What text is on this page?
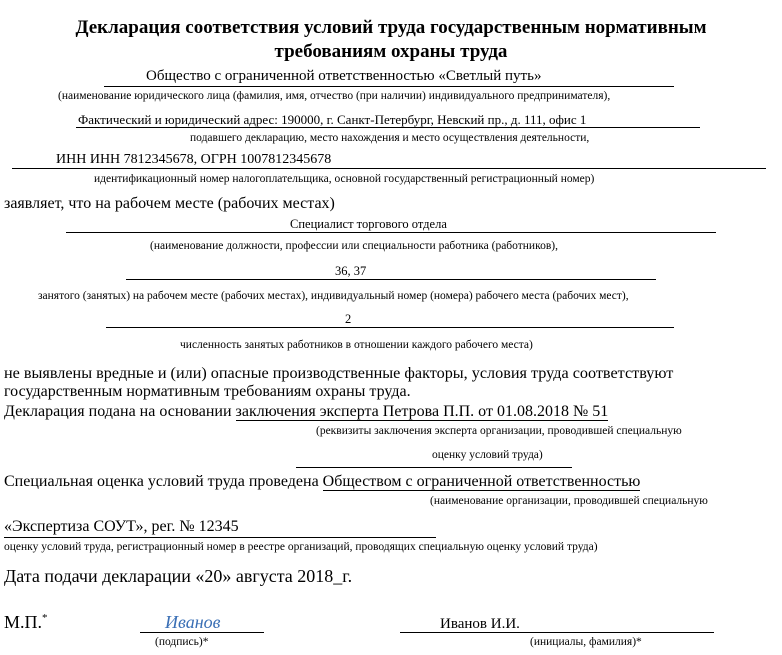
Декларация соответствия условий труда государственным нормативным
требованиям охраны труда
Общество с ограниченной ответственностью «Светлый путь»
(наименование юридического лица (фамилия, имя, отчество (при наличии) индивидуального предпринимателя),
Фактический и юридический адрес: 190000, г. Санкт-Петербург, Невский пр., д. 111, офис 1
подавшего декларацию, место нахождения и место осуществления деятельности,
ИНН ИНН 7812345678, ОГРН 1007812345678
идентификационный номер налогоплательщика, основной государственный регистрационный номер)
заявляет, что на рабочем месте (рабочих местах)
Специалист торгового отдела
(наименование должности, профессии или специальности работника (работников),
36, 37
занятого (занятых) на рабочем месте (рабочих местах), индивидуальный номер (номера) рабочего места (рабочих мест),
2
численность занятых работников в отношении каждого рабочего места)
не выявлены вредные и (или) опасные производственные факторы, условия труда соответствуют
государственным нормативным требованиям охраны труда.
Декларация подана на основании заключения эксперта Петрова П.П. от 01.08.2018 № 51
(реквизиты заключения эксперта организации, проводившей специальную
оценку условий труда)
Специальная оценка условий труда проведена Обществом с ограниченной ответственностью
(наименование организации, проводившей специальную
«Экспертиза СОУТ», рег. № 12345
оценку условий труда, регистрационный номер в реестре организаций, проводящих специальную оценку условий труда)
Дата подачи декларации «20» августа 2018_г.
М.П.*	Иванов
(подпись)*
Иванов И.И.
(инициалы, фамилия)*
